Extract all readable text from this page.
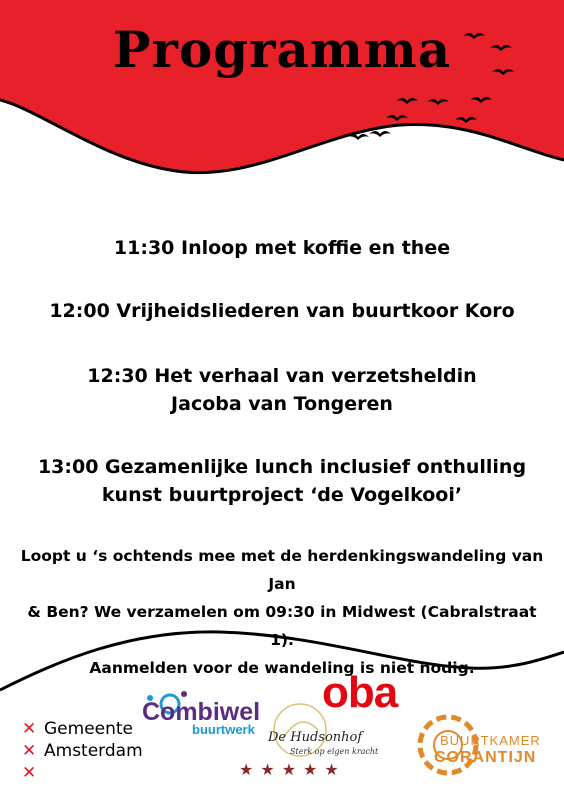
Programma
11:30 Inloop met koffie en thee
12:00 Vrijheidsliederen van buurtkoor Koro
12:30 Het verhaal van verzetsheldin
Jacoba van Tongeren
13:00 Gezamenlijke lunch inclusief onthulling
kunst buurtproject ‘de Vogelkooi’
Loopt u ‘s ochtends mee met de herdenkingswandeling van Jan
& Ben? We verzamelen om 09:30 in Midwest (Cabralstraat 1).
Aanmelden voor de wandeling is niet nodig.
✕ Gemeente
✕ Amsterdam
✕
Combiwel
buurtwerk
De Hudsonhof
Sterk op eigen kracht
★★★★★
oba
BUURTKAMER
CORANTIJN
